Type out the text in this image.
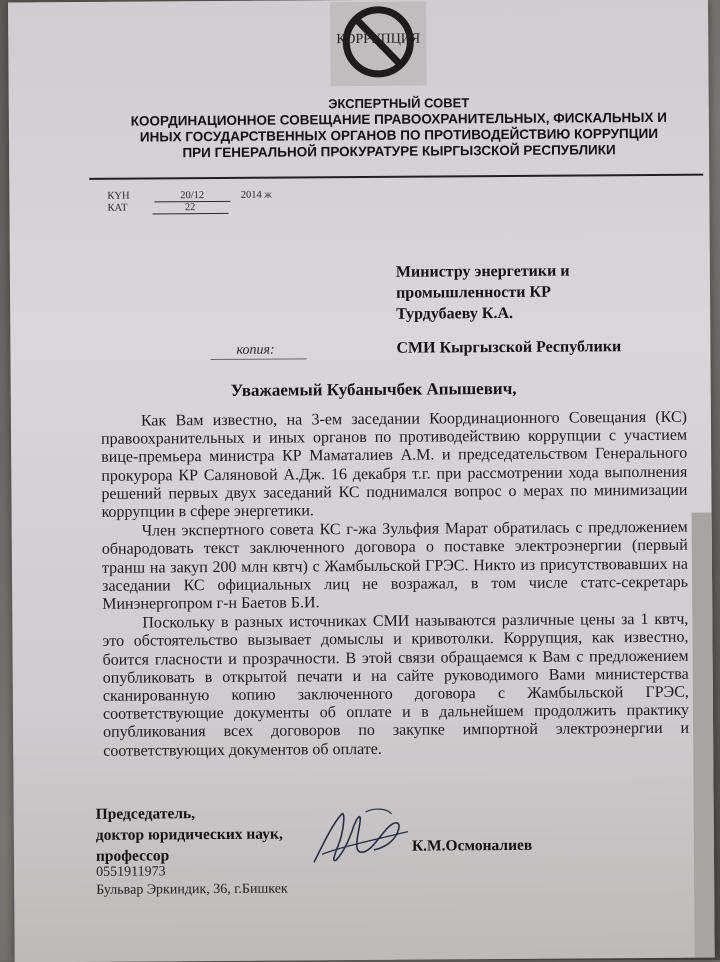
КОРРУПЦИЯ
ЭКСПЕРТНЫЙ СОВЕТ
КООРДИНАЦИОННОЕ СОВЕЩАНИЕ ПРАВООХРАНИТЕЛЬНЫХ, ФИСКАЛЬНЫХ И
ИНЫХ ГОСУДАРСТВЕННЫХ ОРГАНОВ ПО ПРОТИВОДЕЙСТВИЮ КОРРУПЦИИ
ПРИ ГЕНЕРАЛЬНОЙ ПРОКУРАТУРЕ КЫРГЫЗСКОЙ РЕСПУБЛИКИ
КҮН	20/12	2014 ж
КАТ	22
Министру энергетики и
промышленности КР
Турдубаеву К.А.
копия:	СМИ Кыргызской Республики
Уважаемый Кубанычбек Апышевич,

Как Вам известно, на 3-ем заседании Координационного Совещания (КС) правоохранительных и иных органов по противодействию коррупции с участием вице-премьера министра КР Маматалиев А.М. и председательством Генерального прокурора КР Саляновой А.Дж. 16 декабря т.г. при рассмотрении хода выполнения решений первых двух заседаний КС поднимался вопрос о мерах по минимизации коррупции в сфере энергетики.

Член экспертного совета КС г-жа Зульфия Марат обратилась с предложением обнародовать текст заключенного договора о поставке электроэнергии (первый транш на закуп 200 млн квтч) с Жамбыльской ГРЭС. Никто из присутствовавших на заседании КС официальных лиц не возражал, в том числе статс-секретарь Минэнергопром г-н Баетов Б.И.

Поскольку в разных источниках СМИ называются различные цены за 1 квтч, это обстоятельство вызывает домыслы и кривотолки. Коррупция, как известно, боится гласности и прозрачности. В этой связи обращаемся к Вам с предложением опубликовать в открытой печати и на сайте руководимого Вами министерства сканированную копию заключенного договора с Жамбыльской ГРЭС, соответствующие документы об оплате и в дальнейшем продолжить практику опубликования всех договоров по закупке импортной электроэнергии и соответствующих документов об оплате.

Председатель,
доктор юридических наук,
профессор
К.М.Осмоналиев
0551911973
Бульвар Эркиндик, 36, г.Бишкек
